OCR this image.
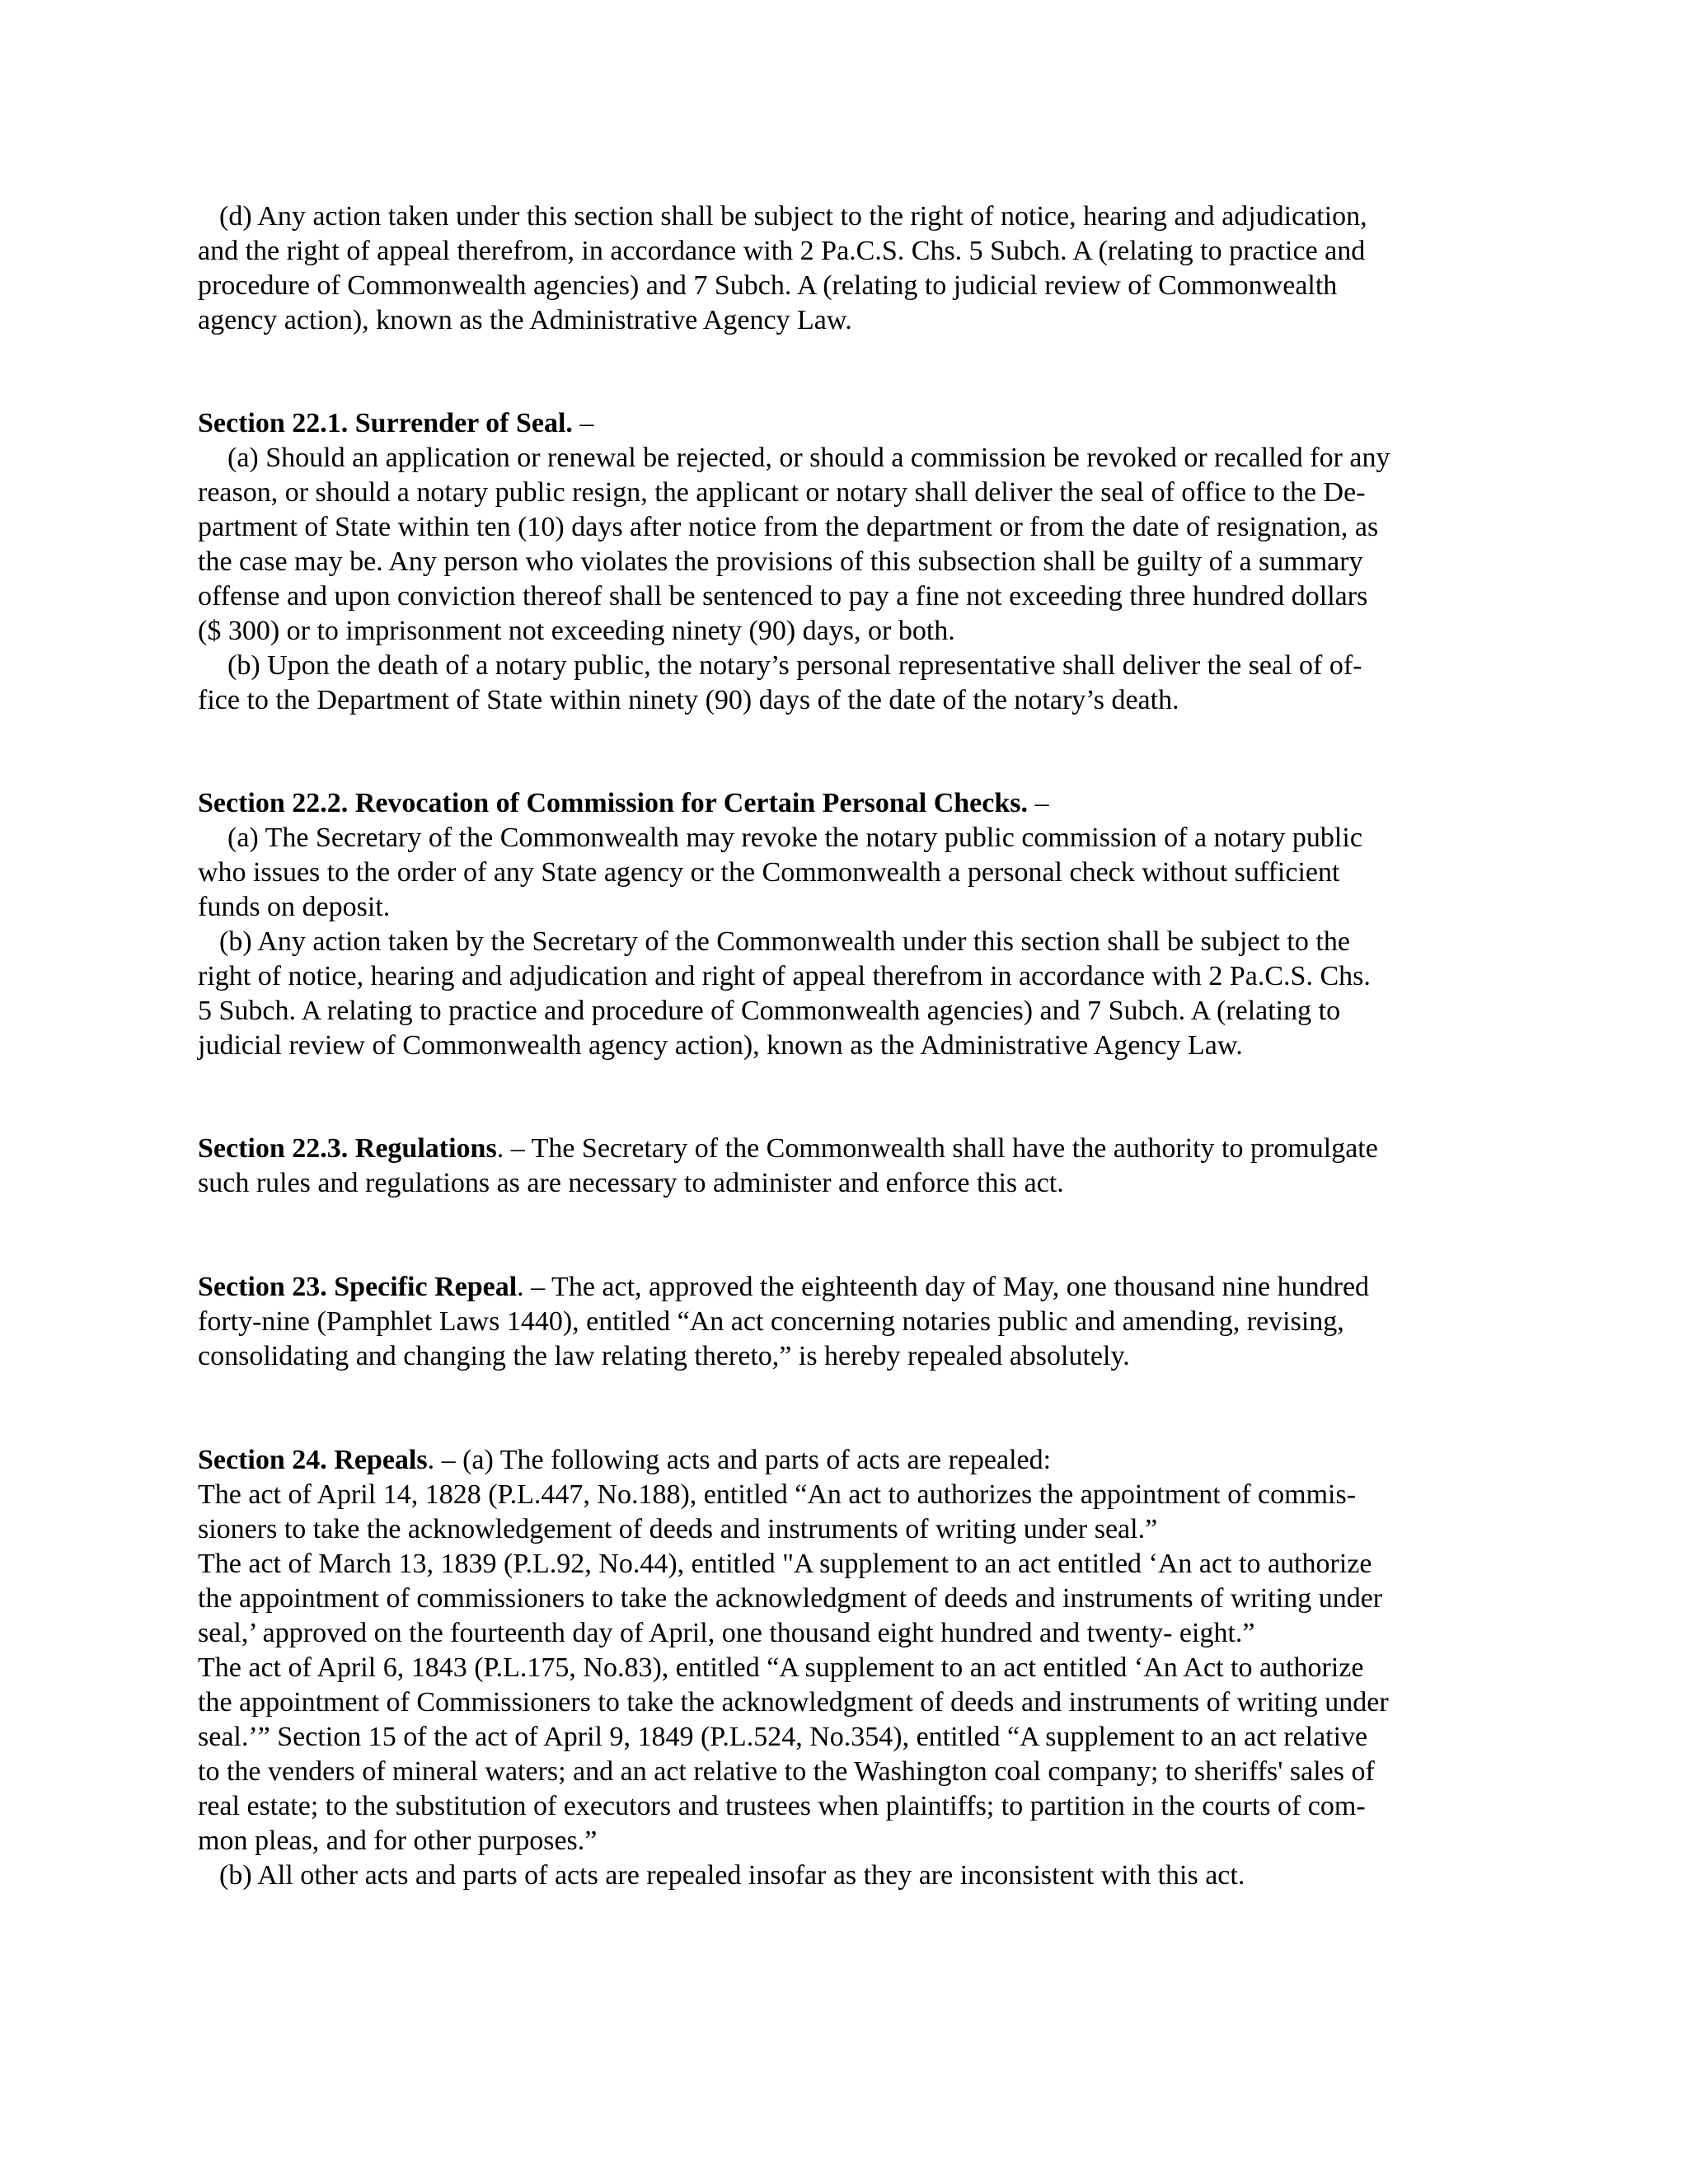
(d) Any action taken under this section shall be subject to the right of notice, hearing and adjudication,
and the right of appeal therefrom, in accordance with 2 Pa.C.S. Chs. 5 Subch. A (relating to practice and
procedure of Commonwealth agencies) and 7 Subch. A (relating to judicial review of Commonwealth
agency action), known as the Administrative Agency Law.
Section 22.1. Surrender of Seal. –
(a) Should an application or renewal be rejected, or should a commission be revoked or recalled for any
reason, or should a notary public resign, the applicant or notary shall deliver the seal of office to the De-
partment of State within ten (10) days after notice from the department or from the date of resignation, as
the case may be. Any person who violates the provisions of this subsection shall be guilty of a summary
offense and upon conviction thereof shall be sentenced to pay a fine not exceeding three hundred dollars
($ 300) or to imprisonment not exceeding ninety (90) days, or both.
(b) Upon the death of a notary public, the notary’s personal representative shall deliver the seal of of-
fice to the Department of State within ninety (90) days of the date of the notary’s death.
Section 22.2. Revocation of Commission for Certain Personal Checks. –
(a) The Secretary of the Commonwealth may revoke the notary public commission of a notary public
who issues to the order of any State agency or the Commonwealth a personal check without sufficient
funds on deposit.
(b) Any action taken by the Secretary of the Commonwealth under this section shall be subject to the
right of notice, hearing and adjudication and right of appeal therefrom in accordance with 2 Pa.C.S. Chs.
5 Subch. A relating to practice and procedure of Commonwealth agencies) and 7 Subch. A (relating to
judicial review of Commonwealth agency action), known as the Administrative Agency Law.
Section 22.3. Regulations. – The Secretary of the Commonwealth shall have the authority to promulgate
such rules and regulations as are necessary to administer and enforce this act.
Section 23. Specific Repeal. – The act, approved the eighteenth day of May, one thousand nine hundred
forty-nine (Pamphlet Laws 1440), entitled “An act concerning notaries public and amending, revising,
consolidating and changing the law relating thereto,” is hereby repealed absolutely.
Section 24. Repeals. – (a) The following acts and parts of acts are repealed:
The act of April 14, 1828 (P.L.447, No.188), entitled “An act to authorizes the appointment of commis-
sioners to take the acknowledgement of deeds and instruments of writing under seal.”
The act of March 13, 1839 (P.L.92, No.44), entitled "A supplement to an act entitled ‘An act to authorize
the appointment of commissioners to take the acknowledgment of deeds and instruments of writing under
seal,’ approved on the fourteenth day of April, one thousand eight hundred and twenty- eight.”
The act of April 6, 1843 (P.L.175, No.83), entitled “A supplement to an act entitled ‘An Act to authorize
the appointment of Commissioners to take the acknowledgment of deeds and instruments of writing under
seal.’” Section 15 of the act of April 9, 1849 (P.L.524, No.354), entitled “A supplement to an act relative
to the venders of mineral waters; and an act relative to the Washington coal company; to sheriffs' sales of
real estate; to the substitution of executors and trustees when plaintiffs; to partition in the courts of com-
mon pleas, and for other purposes.”
(b) All other acts and parts of acts are repealed insofar as they are inconsistent with this act.
